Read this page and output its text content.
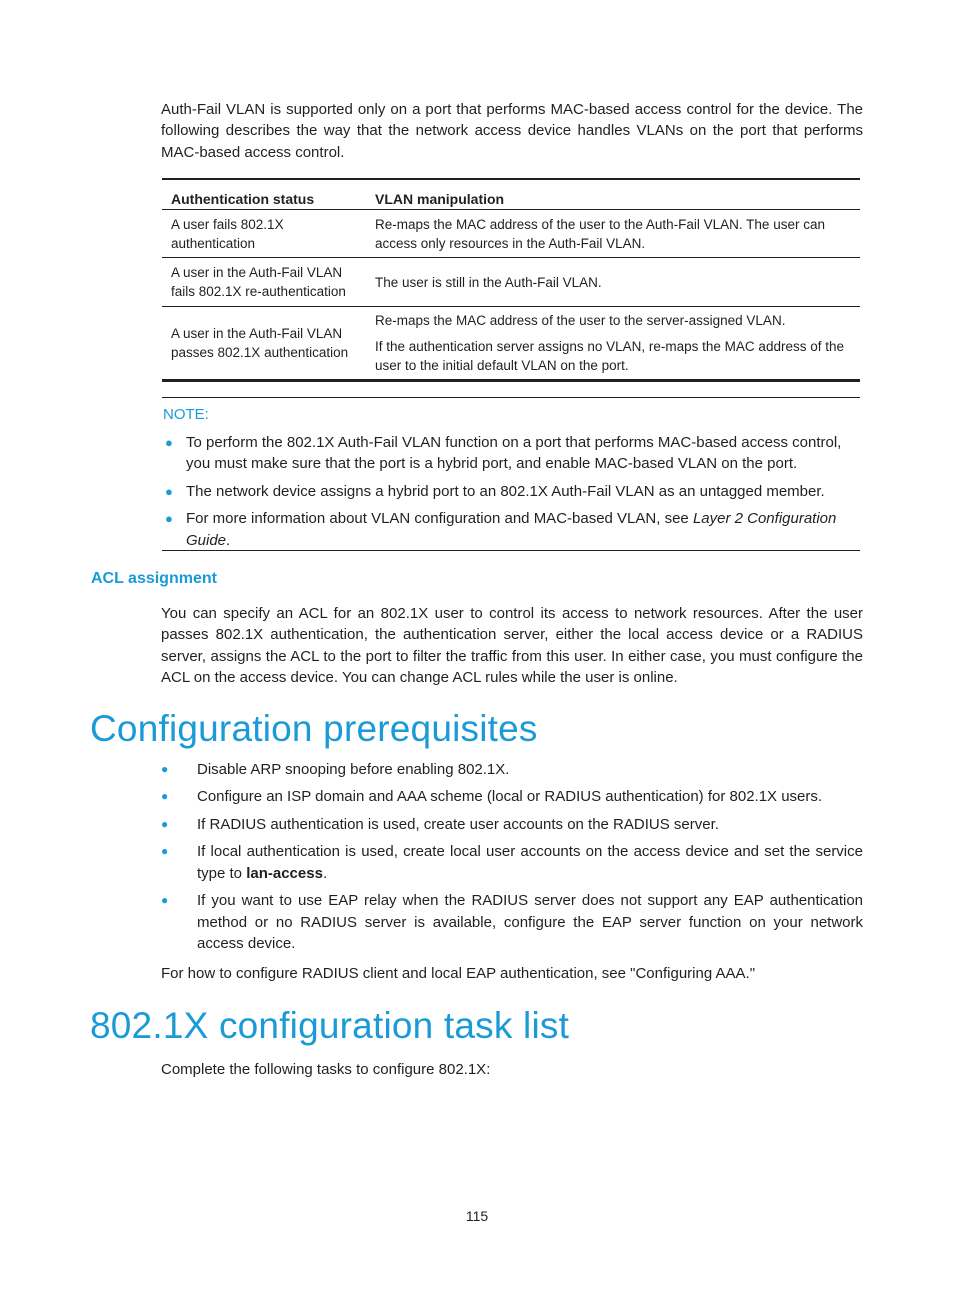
Auth-Fail VLAN is supported only on a port that performs MAC-based access control for the device. The following describes the way that the network access device handles VLANs on the port that performs MAC-based access control.
Authentication status	VLAN manipulation
A user fails 802.1X authentication	Re-maps the MAC address of the user to the Auth-Fail VLAN. The user can access only resources in the Auth-Fail VLAN.
A user in the Auth-Fail VLAN fails 802.1X re-authentication	The user is still in the Auth-Fail VLAN.
A user in the Auth-Fail VLAN passes 802.1X authentication	Re-maps the MAC address of the user to the server-assigned VLAN.
If the authentication server assigns no VLAN, re-maps the MAC address of the user to the initial default VLAN on the port.
NOTE:
● To perform the 802.1X Auth-Fail VLAN function on a port that performs MAC-based access control, you must make sure that the port is a hybrid port, and enable MAC-based VLAN on the port.
● The network device assigns a hybrid port to an 802.1X Auth-Fail VLAN as an untagged member.
● For more information about VLAN configuration and MAC-based VLAN, see Layer 2 Configuration Guide.
ACL assignment
You can specify an ACL for an 802.1X user to control its access to network resources. After the user passes 802.1X authentication, the authentication server, either the local access device or a RADIUS server, assigns the ACL to the port to filter the traffic from this user. In either case, you must configure the ACL on the access device. You can change ACL rules while the user is online.
Configuration prerequisites
● Disable ARP snooping before enabling 802.1X.
● Configure an ISP domain and AAA scheme (local or RADIUS authentication) for 802.1X users.
● If RADIUS authentication is used, create user accounts on the RADIUS server.
● If local authentication is used, create local user accounts on the access device and set the service type to lan-access.
● If you want to use EAP relay when the RADIUS server does not support any EAP authentication method or no RADIUS server is available, configure the EAP server function on your network access device.
For how to configure RADIUS client and local EAP authentication, see "Configuring AAA."
802.1X configuration task list
Complete the following tasks to configure 802.1X:
115
